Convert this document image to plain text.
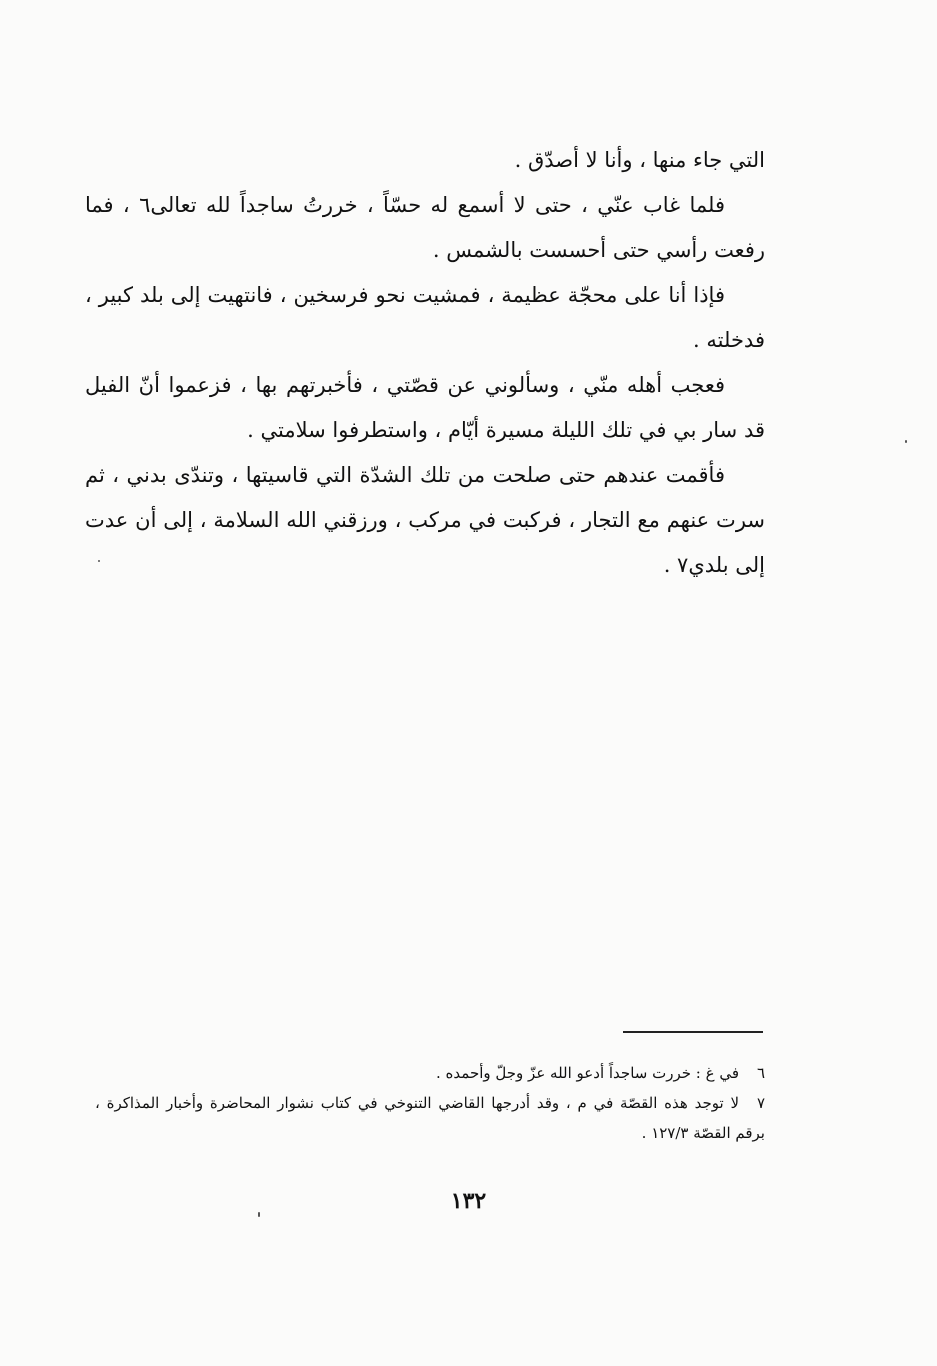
التي جاء منها ، وأنا لا أصدّق .

فلما غاب عنّي ، حتى لا أسمع له حسّاً ، خررتُ ساجداً لله تعالى٦ ، فما رفعت رأسي حتى أحسست بالشمس .

فإذا أنا على محجّة عظيمة ، فمشيت نحو فرسخين ، فانتهيت إلى بلد كبير ، فدخلته .

فعجب أهله منّي ، وسألوني عن قصّتي ، فأخبرتهم بها ، فزعموا أنّ الفيل قد سار بي في تلك الليلة مسيرة أيّام ، واستطرفوا سلامتي .

فأقمت عندهم حتى صلحت من تلك الشدّة التي قاسيتها ، وتندّى بدني ، ثم سرت عنهم مع التجار ، فركبت في مركب ، ورزقني الله السلامة ، إلى أن عدت إلى بلدي٧ .

٦في غ : خررت ساجداً أدعو الله عزّ وجلّ وأحمده .
٧لا توجد هذه القصّة في م ، وقد أدرجها القاضي التنوخي في كتاب نشوار المحاضرة وأخبار المذاكرة ، برقم القصّة ١٢٧/٣ .
١٣٢
